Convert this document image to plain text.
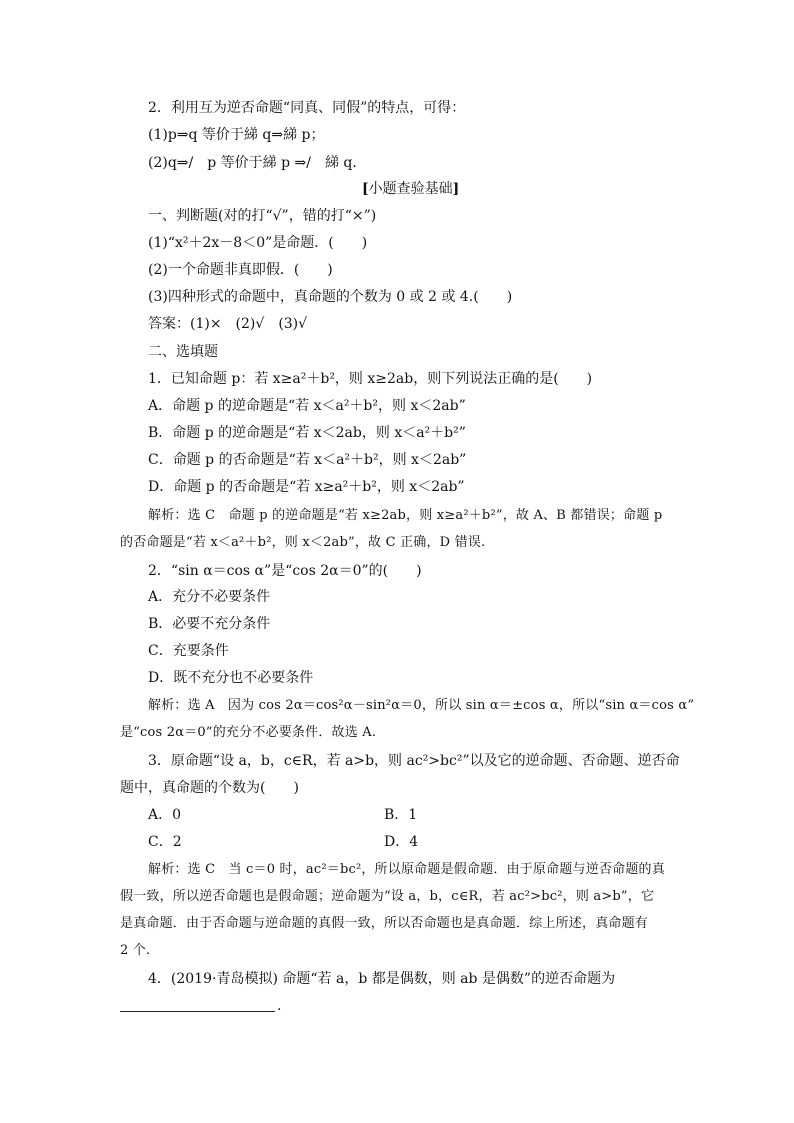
2．利用互为逆否命题“同真、同假”的特点，可得：
(1)p⇒q 等价于綈 q⇒綈 p；
(2)q⇒/　p 等价于綈 p ⇒/　綈 q.
[小题查验基础]
一、判断题(对的打“√”，错的打“×”)
(1)“x²＋2x－8＜0”是命题．(　　)
(2)一个命题非真即假．(　　)
(3)四种形式的命题中，真命题的个数为 0 或 2 或 4.(　　)
答案：(1)×　(2)√　(3)√
二、选填题
1．已知命题 p：若 x≥a²＋b²，则 x≥2ab，则下列说法正确的是(　　)
A．命题 p 的逆命题是“若 x＜a²＋b²，则 x＜2ab”
B．命题 p 的逆命题是“若 x＜2ab，则 x＜a²＋b²”
C．命题 p 的否命题是“若 x＜a²＋b²，则 x＜2ab”
D．命题 p 的否命题是“若 x≥a²＋b²，则 x＜2ab”
解析：选 C　命题 p 的逆命题是“若 x≥2ab，则 x≥a²＋b²”，故 A、B 都错误；命题 p
的否命题是“若 x＜a²＋b²，则 x＜2ab”，故 C 正确，D 错误.
2．“sin α＝cos α”是“cos 2α＝0”的(　　)
A．充分不必要条件
B．必要不充分条件
C．充要条件
D．既不充分也不必要条件
解析：选 A　因为 cos 2α＝cos²α－sin²α＝0，所以 sin α＝±cos α，所以“sin α＝cos α”
是“cos 2α＝0”的充分不必要条件．故选 A.
3．原命题“设 a，b，c∈R，若 a>b，则 ac²>bc²”以及它的逆命题、否命题、逆否命
题中，真命题的个数为(　　)
A．0	B．1
C．2	D．4
解析：选 C　当 c＝0 时，ac²＝bc²，所以原命题是假命题．由于原命题与逆否命题的真
假一致，所以逆否命题也是假命题；逆命题为“设 a，b，c∈R，若 ac²>bc²，则 a>b”，它
是真命题．由于否命题与逆命题的真假一致，所以否命题也是真命题．综上所述，真命题有
2 个.
4．(2019·青岛模拟) 命题“若 a，b 都是偶数，则 ab 是偶数”的逆否命题为
.
